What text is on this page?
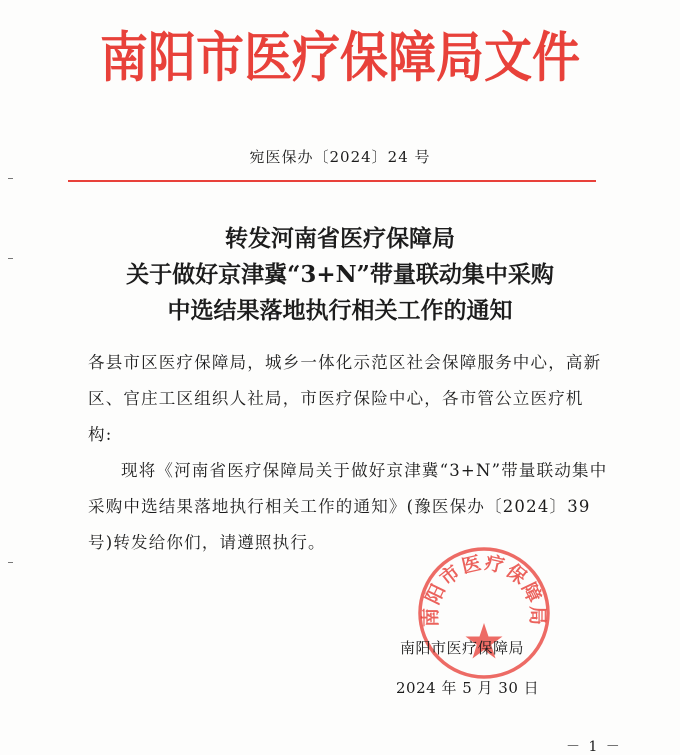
南阳市医疗保障局文件
宛医保办〔2024〕24 号
转发河南省医疗保障局
关于做好京津冀“3+N”带量联动集中采购
中选结果落地执行相关工作的通知
各县市区医疗保障局，城乡一体化示范区社会保障服务中心，高新区、官庄工区组织人社局，市医疗保险中心，各市管公立医疗机构:
现将《河南省医疗保障局关于做好京津冀“3+N”带量联动集中采购中选结果落地执行相关工作的通知》(豫医保办〔2024〕39 号)转发给你们，请遵照执行。
南阳市医疗保障局
南阳市医疗保障局
2024 年 5 月 30 日
－ 1 －
